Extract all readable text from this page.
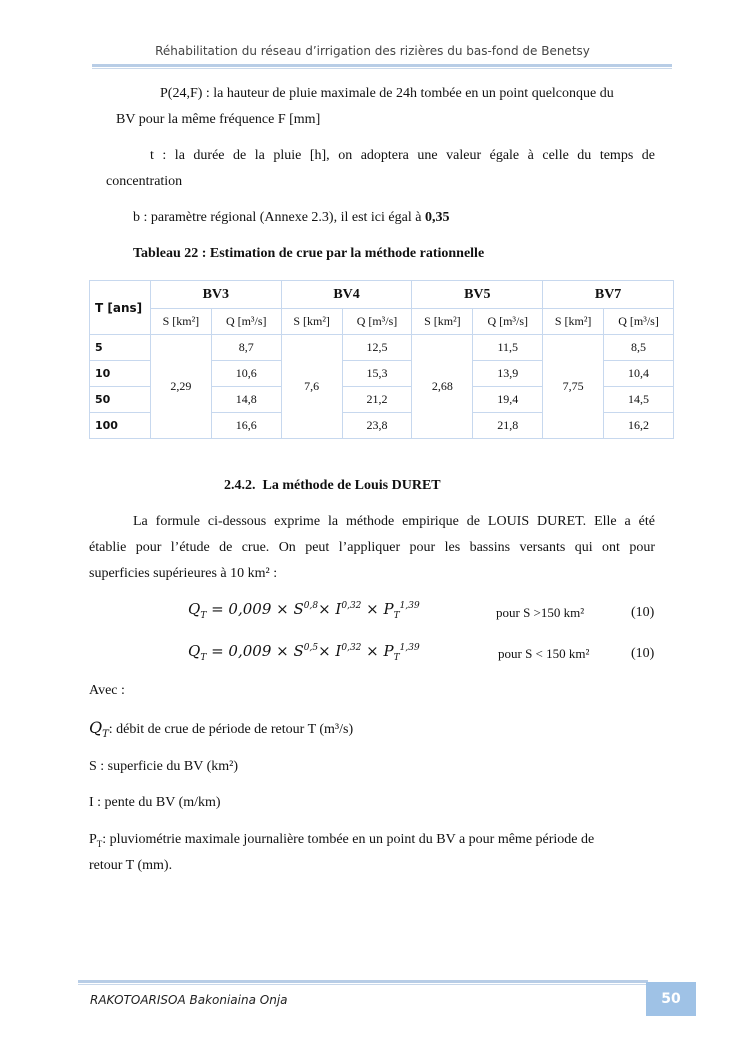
Réhabilitation du réseau d’irrigation des rizières du bas-fond de Benetsy

P(24,F) : la hauteur de pluie maximale de 24h tombée en un point quelconque du

BV pour la même fréquence F [mm]

t : la durée de la pluie [h], on adoptera une valeur égale à celle du temps de

concentration

b : paramètre régional (Annexe 2.3), il est ici égal à 0,35

Tableau 22 : Estimation de crue par la méthode rationnelle

T [ans]	BV3		BV4		BV5		BV7	
	S [km²]	Q [m³/s]	S [km²]	Q [m³/s]	S [km²]	Q [m³/s]	S [km²]	Q [m³/s]
5	2,29	8,7	7,6	12,5	2,68	11,5	7,75	8,5
10		10,6		15,3		13,9		10,4
50		14,8		21,2		19,4		14,5
100		16,6		23,8		21,8		16,2

2.4.2. La méthode de Louis DURET

La formule ci-dessous exprime la méthode empirique de LOUIS DURET. Elle a été

établie pour l’étude de crue. On peut l’appliquer pour les bassins versants qui ont pour

superficies supérieures à 10 km² :

$Q_T = 0,009 \times S^{0,8}\times I^{0,32} \times P_T^{1,39}$	pour S >150 km²	(10)

$Q_T = 0,009 \times S^{0,5}\times I^{0,32} \times P_T^{1,39}$	pour S < 150 km²	(10)

Avec :

$Q_T$: débit de crue de période de retour T (m³/s)

S : superficie du BV (km²)

I : pente du BV (m/km)

$P_T$: pluviométrie maximale journalière tombée en un point du BV a pour même période de

retour T (mm).

RAKOTOARISOA Bakoniaina Onja	50
